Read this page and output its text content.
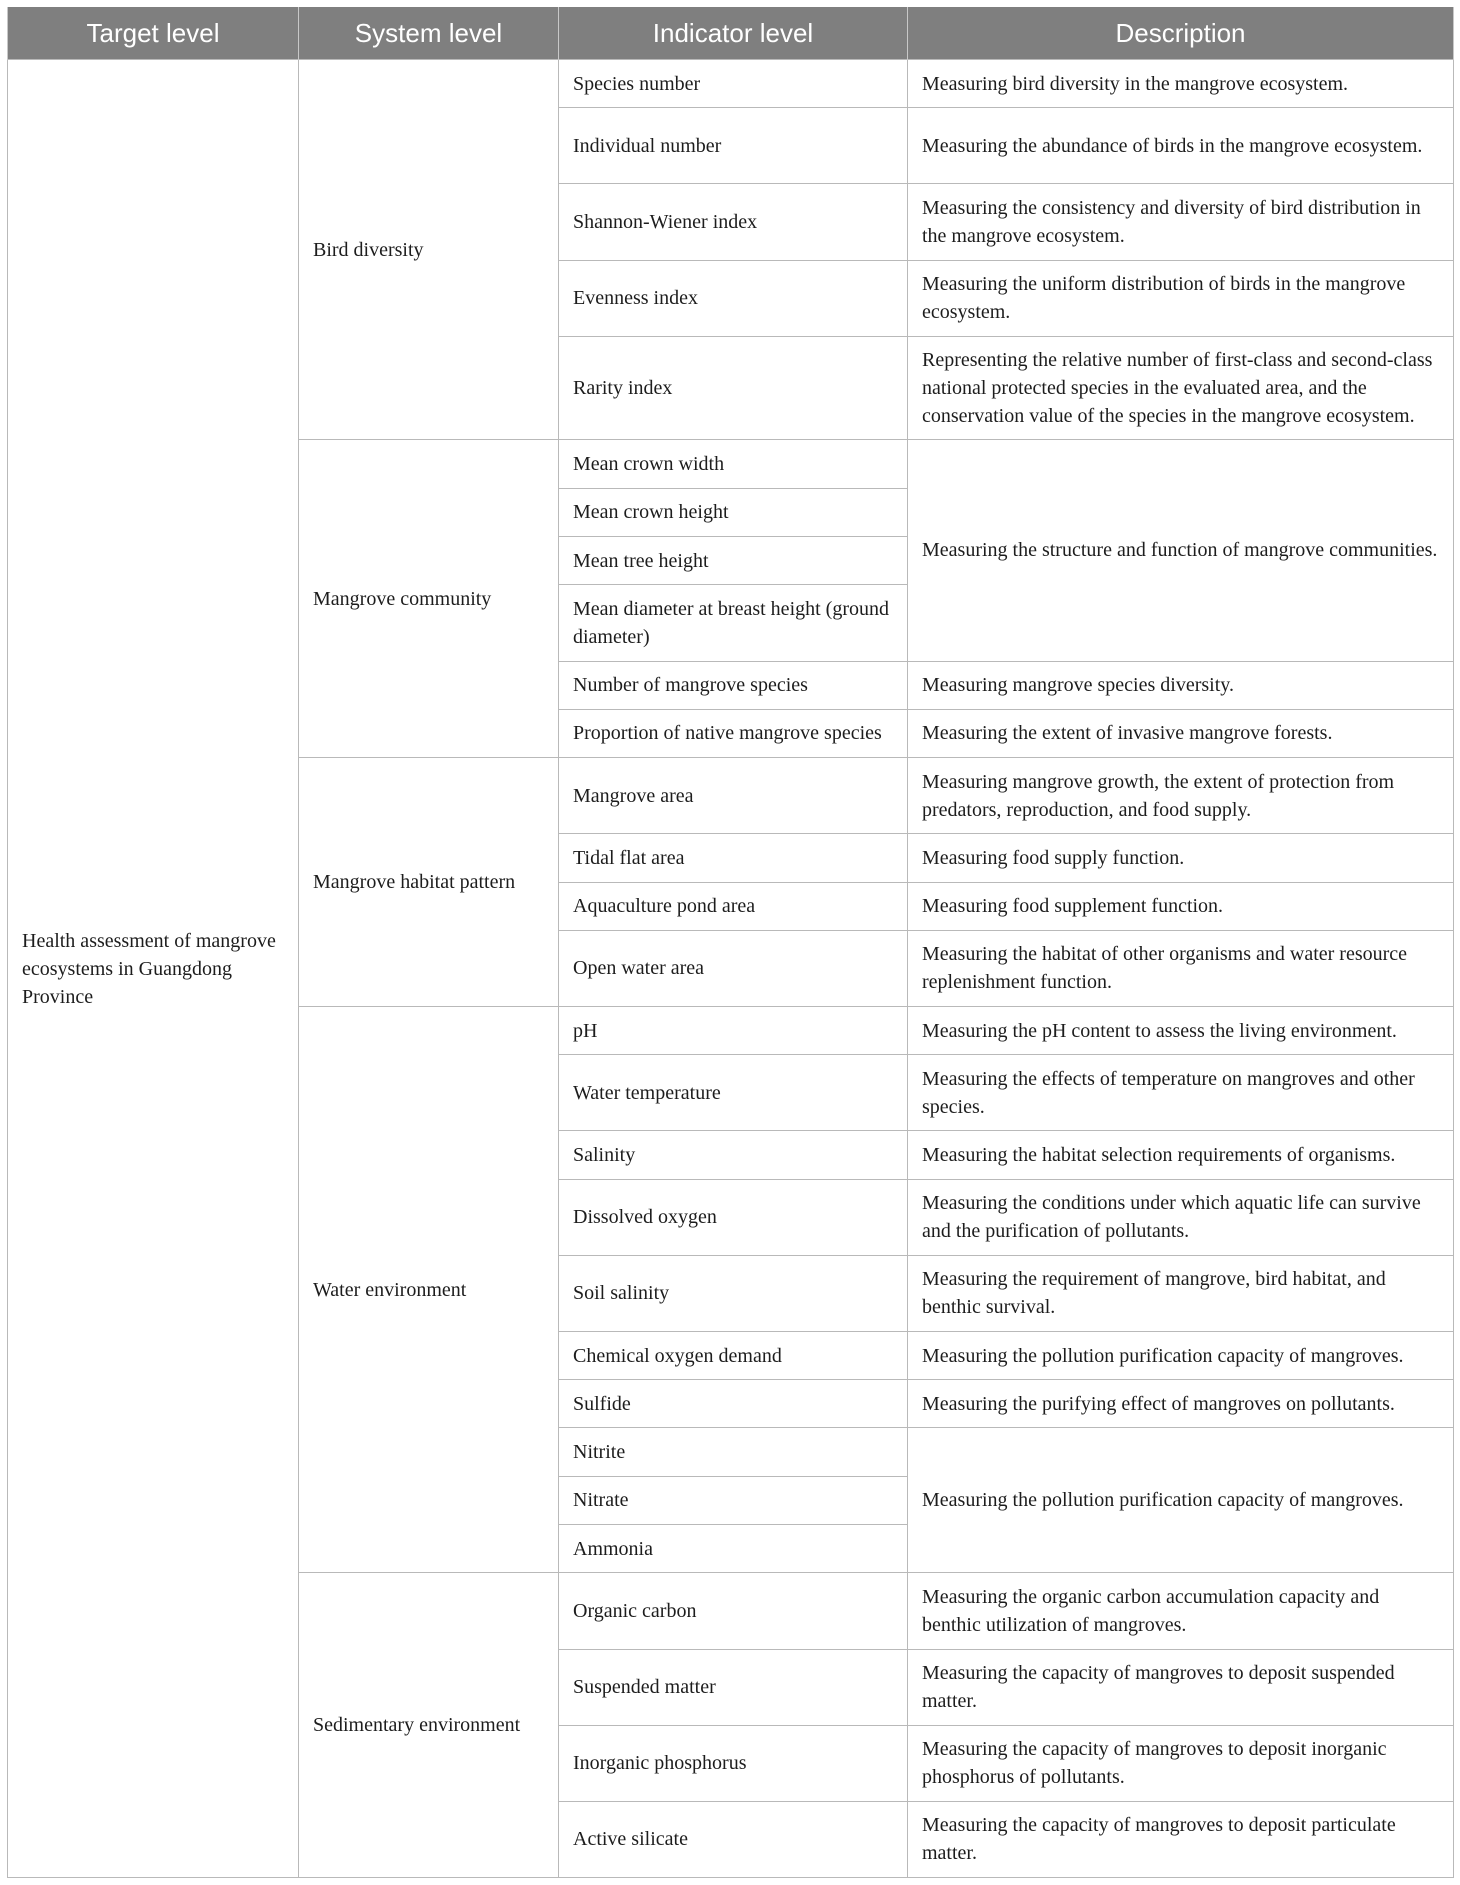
Target level	System level	Indicator level	Description
Health assessment of mangrove ecosystems in Guangdong Province	Bird diversity	Species number	Measuring bird diversity in the mangrove ecosystem.
		Individual number	Measuring the abundance of birds in the mangrove ecosystem.
		Shannon-Wiener index	Measuring the consistency and diversity of bird distribution in the mangrove ecosystem.
		Evenness index	Measuring the uniform distribution of birds in the mangrove ecosystem.
		Rarity index	Representing the relative number of first-class and second-class national protected species in the evaluated area, and the conservation value of the species in the mangrove ecosystem.
	Mangrove community	Mean crown width	Measuring the structure and function of mangrove communities.
		Mean crown height	
		Mean tree height	
		Mean diameter at breast height (ground diameter)	
		Number of mangrove species	Measuring mangrove species diversity.
		Proportion of native mangrove species	Measuring the extent of invasive mangrove forests.
	Mangrove habitat pattern	Mangrove area	Measuring mangrove growth, the extent of protection from predators, reproduction, and food supply.
		Tidal flat area	Measuring food supply function.
		Aquaculture pond area	Measuring food supplement function.
		Open water area	Measuring the habitat of other organisms and water resource replenishment function.
	Water environment	pH	Measuring the pH content to assess the living environment.
		Water temperature	Measuring the effects of temperature on mangroves and other species.
		Salinity	Measuring the habitat selection requirements of organisms.
		Dissolved oxygen	Measuring the conditions under which aquatic life can survive and the purification of pollutants.
		Soil salinity	Measuring the requirement of mangrove, bird habitat, and benthic survival.
		Chemical oxygen demand	Measuring the pollution purification capacity of mangroves.
		Sulfide	Measuring the purifying effect of mangroves on pollutants.
		Nitrite	Measuring the pollution purification capacity of mangroves.
		Nitrate	
		Ammonia	
	Sedimentary environment	Organic carbon	Measuring the organic carbon accumulation capacity and benthic utilization of mangroves.
		Suspended matter	Measuring the capacity of mangroves to deposit suspended matter.
		Inorganic phosphorus	Measuring the capacity of mangroves to deposit inorganic phosphorus of pollutants.
		Active silicate	Measuring the capacity of mangroves to deposit particulate matter.
